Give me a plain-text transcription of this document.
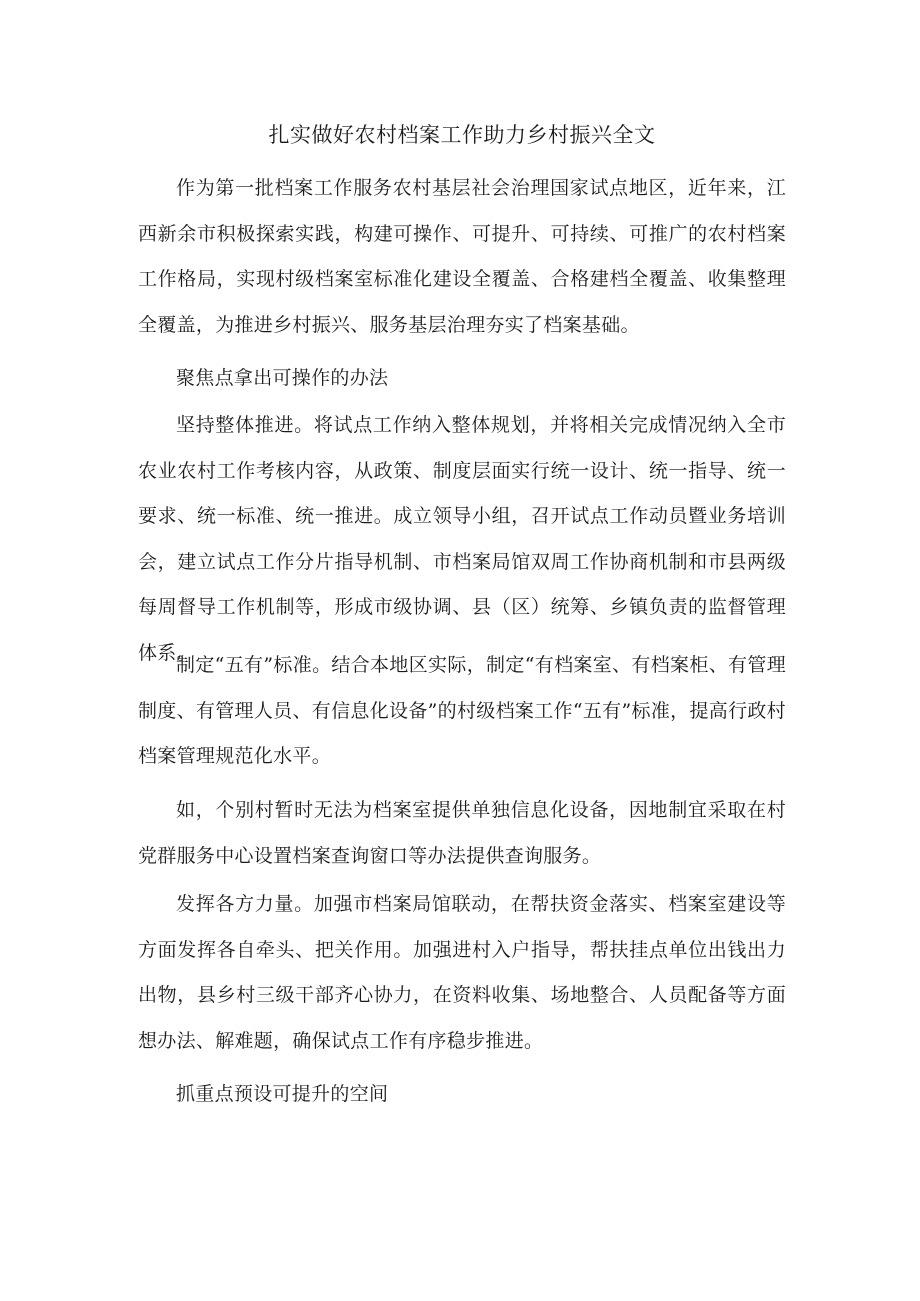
扎实做好农村档案工作助力乡村振兴全文

作为第一批档案工作服务农村基层社会治理国家试点地区，近年来，江西新余市积极探索实践，构建可操作、可提升、可持续、可推广的农村档案工作格局，实现村级档案室标准化建设全覆盖、合格建档全覆盖、收集整理全覆盖，为推进乡村振兴、服务基层治理夯实了档案基础。

聚焦点拿出可操作的办法

坚持整体推进。将试点工作纳入整体规划，并将相关完成情况纳入全市农业农村工作考核内容，从政策、制度层面实行统一设计、统一指导、统一要求、统一标准、统一推进。成立领导小组，召开试点工作动员暨业务培训会，建立试点工作分片指导机制、市档案局馆双周工作协商机制和市县两级每周督导工作机制等，形成市级协调、县（区）统筹、乡镇负责的监督管理体系。

制定“五有”标准。结合本地区实际，制定“有档案室、有档案柜、有管理制度、有管理人员、有信息化设备”的村级档案工作“五有”标准，提高行政村档案管理规范化水平。

如，个别村暂时无法为档案室提供单独信息化设备，因地制宜采取在村党群服务中心设置档案查询窗口等办法提供查询服务。

发挥各方力量。加强市档案局馆联动，在帮扶资金落实、档案室建设等方面发挥各自牵头、把关作用。加强进村入户指导，帮扶挂点单位出钱出力出物，县乡村三级干部齐心协力，在资料收集、场地整合、人员配备等方面想办法、解难题，确保试点工作有序稳步推进。

抓重点预设可提升的空间
